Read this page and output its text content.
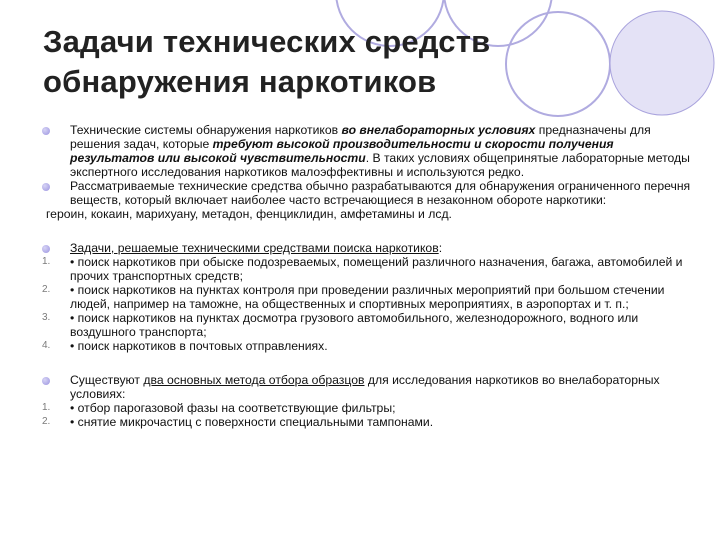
Задачи технических средств
обнаружения наркотиков
Технические системы обнаружения наркотиков во внелабораторных условиях предназначены для решения задач, которые требуют высокой производительности и скорости получения результатов или высокой чувствительности. В таких условиях общепринятые лабораторные методы экспертного исследования наркотиков малоэффективны и используются редко.
Рассматриваемые технические средства обычно разрабатываются для обнаружения ограниченного перечня веществ, который включает наиболее часто встречающиеся в незаконном обороте наркотики:
героин, кокаин, марихуану, метадон, фенциклидин, амфетамины и лсд.
Задачи, решаемые техническими средствами поиска наркотиков:
1. • поиск наркотиков при обыске подозреваемых, помещений различного назначения, багажа, автомобилей и прочих транспортных средств;
2. • поиск наркотиков на пунктах контроля при проведении различных мероприятий при большом стечении людей, например на таможне, на общественных и спортивных мероприятиях, в аэропортах и т. п.;
3. • поиск наркотиков на пунктах досмотра грузового автомобильного, железнодорожного, водного или воздушного транспорта;
4. • поиск наркотиков в почтовых отправлениях.
Существуют два основных метода отбора образцов для исследования наркотиков во внелабораторных условиях:
1. • отбор парогазовой фазы на соответствующие фильтры;
2. • снятие микрочастиц с поверхности специальными тампонами.
